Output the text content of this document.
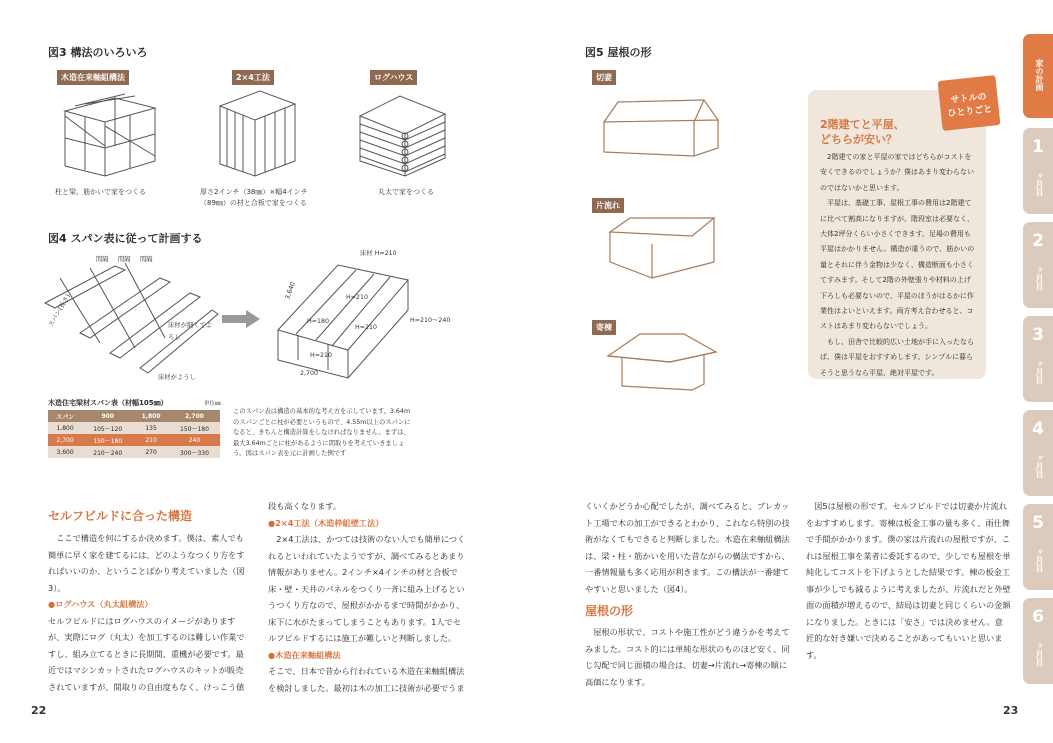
図3 構法のいろいろ
木造在来軸組構法	2×4工法	ログハウス
柱と梁、筋かいで家をつくる	厚さ2インチ（38㎜）×幅4インチ（89㎜）の材と合板で家をつくる
丸太で家をつくる
図4 スパン表に従って計画する
間隔 間隔 間隔
スパン(長さ)	床材が細くてよろし
床材がようし
床材 H=210
3,640
H=180
H=210
H=210
H=210～240
H=210
2,700
木造住宅梁材スパン表（材幅105㎜）	単位㎜
スパン	900	1,800	2,700
1,800	105～120	135	150～180
2,700	150～180	210	240
3,600	210～240	270	300～330
このスパン表は構造の基本的な考え方を示しています。3.64mのスパンごとに柱が必要というもので、4.55m以上のスパンになると、きちんと構造計算をしなければなりません。まずは、最大3.64mごとに柱があるように間取りを考えていきましょう。図はスパン表を元に計画した例です
セルフビルドに合った構造

ここで構造を何にするか決めます。僕は、素人でも簡単に早く家を建てるには、どのようなつくり方をすればいいのか、ということばかり考えていました（図3）。

●ログハウス（丸太組構法）

セルフビルドにはログハウスのイメージがありますが、実際にログ（丸太）を加工するのは難しい作業ですし、組み立てるときに長期間、重機が必要です。最近ではマシンカットされたログハウスのキットが販売されていますが、間取りの自由度もなく、けっこう値

段も高くなります。

●2×4工法（木造枠組壁工法）

2×4工法は、かつては技術のない人でも簡単につくれるといわれていたようですが、調べてみるとあまり情報がありません。2インチ×4インチの材と合板で床・壁・天井のパネルをつくり一斉に組み上げるというつくり方なので、屋根がかかるまで時間がかかり、床下に水がたまってしまうこともあります。1人でセルフビルドするには施工が難しいと判断しました。

●木造在来軸組構法

そこで、日本で昔から行われている木造在来軸組構法を検討しました。最初は木の加工に技術が必要でうま

22
図5 屋根の形
切妻
片流れ
寄棟
サトルの
ひとりごと
2階建てと平屋、
どちらが安い？

2階建ての家と平屋の家ではどちらがコストを安くできるのでしょうか？僕はあまり変わらないのではないかと思います。

平屋は、基礎工事、屋根工事の費用は2階建てに比べて割高になりますが、階段室は必要なく、大体2坪分くらい小さくできます。足場の費用も平屋はかかりません。構造が違うので、筋かいの量とそれに伴う金物は少なく、構造断面も小さくてすみます。そして2階の外壁張りや材料の上げ下ろしも必要ないので、平屋のほうがはるかに作業性はよいといえます。両方考え合わせると、コストはあまり変わらないでしょう。

もし、田舎で比較的広い土地が手に入ったならば、僕は平屋をおすすめします。シンプルに暮らそうと思うなら平屋、絶対平屋です。

くいくかどうか心配でしたが、調べてみると、プレカット工場で木の加工ができるとわかり、これなら特別の技術がなくてもできると判断しました。木造在来軸組構法は、梁・柱・筋かいを用いた昔ながらの構法ですから、一番情報量も多く応用が利きます。この構法が一番建てやすいと思いました（図4）。
屋根の形
屋根の形状で、コストや施工性がどう違うかを考えてみました。コスト的には単純な形状のものほど安く、同じ勾配で同じ面積の場合は、切妻→片流れ→寄棟の順に高価になります。
図5は屋根の形です。セルフビルドでは切妻か片流れをおすすめします。寄棟は板金工事の量も多く、雨仕舞で手間がかかります。僕の家は片流れの屋根ですが、これは屋根工事を業者に委託するので、少しでも屋根を単純化してコストを下げようとした結果です。棟の板金工事が少しでも減るように考えましたが、片流れだと外壁面の面積が増えるので、結局は切妻と同じくらいの金額になりました。ときには「安さ」では決めません。意匠的な好き嫌いで決めることがあってもいいと思います。
23
家の計画
1
ヶ月目
2
ヶ月目
3
ヶ月目
4
ヶ月目
5
ヶ月目
6
ヶ月目
